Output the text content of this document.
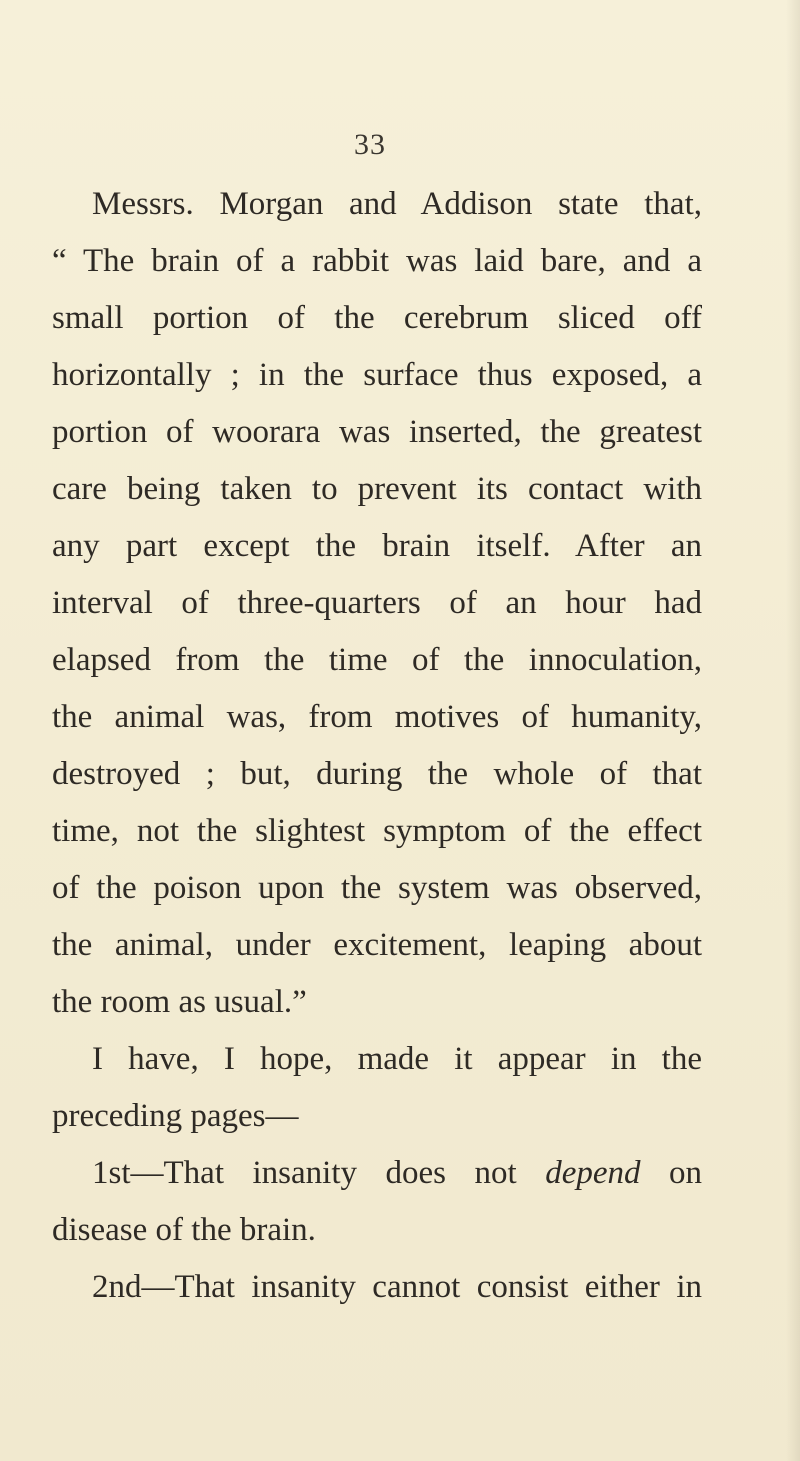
33
Messrs. Morgan and Addison state that,
“ The brain of a rabbit was laid bare, and a
small portion of the cerebrum sliced off
horizontally ; in the surface thus exposed, a
portion of woorara was inserted, the greatest
care being taken to prevent its contact with
any part except the brain itself. After an
interval of three-quarters of an hour had
elapsed from the time of the innoculation,
the animal was, from motives of humanity,
destroyed ; but, during the whole of that
time, not the slightest symptom of the effect
of the poison upon the system was observed,
the animal, under excitement, leaping about
the room as usual.”
I have, I hope, made it appear in the
preceding pages—
1st—That insanity does not depend on
disease of the brain.
2nd—That insanity cannot consist either in
